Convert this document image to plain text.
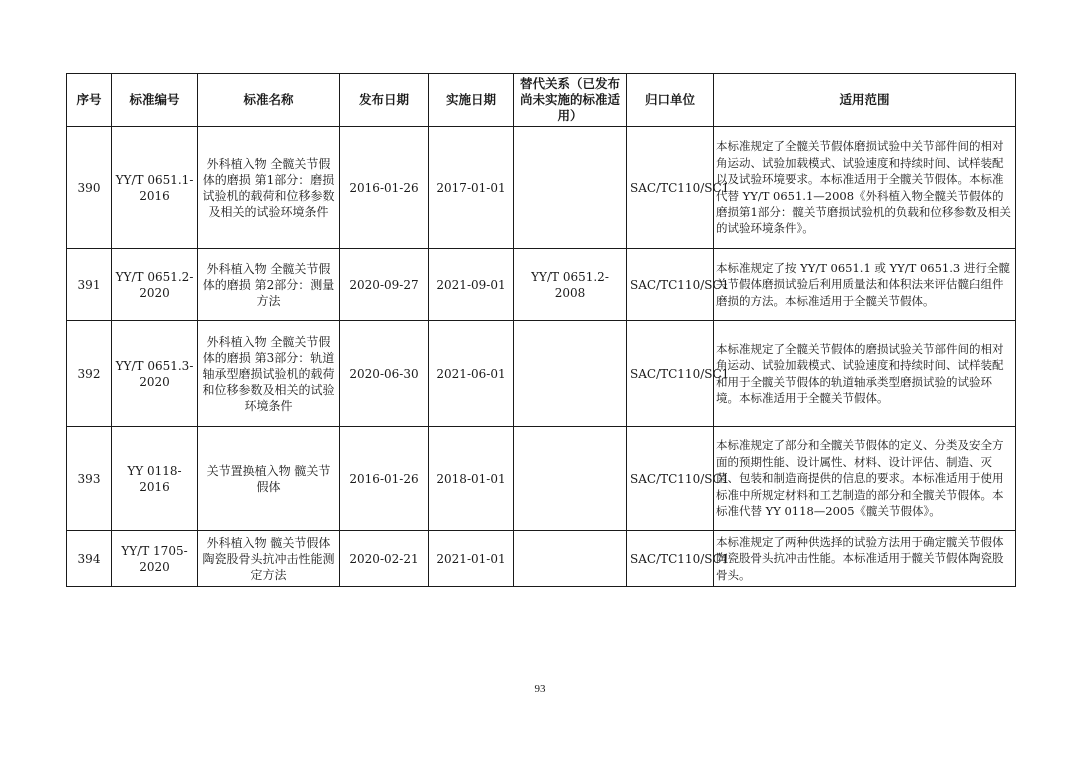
序号	标准编号	标准名称	发布日期	实施日期	替代关系（已发布尚未实施的标准适用）	归口单位	适用范围
390	YY/T 0651.1-2016	外科植入物 全髋关节假体的磨损 第1部分：磨损试验机的载荷和位移参数及相关的试验环境条件	2016-01-26	2017-01-01		SAC/TC110/SC1	本标准规定了全髋关节假体磨损试验中关节部件间的相对角运动、试验加载模式、试验速度和持续时间、试样装配以及试验环境要求。本标准适用于全髋关节假体。本标准代替 YY/T 0651.1—2008《外科植入物全髋关节假体的磨损第1部分：髋关节磨损试验机的负载和位移参数及相关的试验环境条件》。
391	YY/T 0651.2-2020	外科植入物 全髋关节假体的磨损 第2部分：测量方法	2020-09-27	2021-09-01	YY/T 0651.2-2008	SAC/TC110/SC1	本标准规定了按 YY/T 0651.1 或 YY/T 0651.3 进行全髋关节假体磨损试验后利用质量法和体积法来评估髋臼组件磨损的方法。本标准适用于全髋关节假体。
392	YY/T 0651.3-2020	外科植入物 全髋关节假体的磨损 第3部分：轨道轴承型磨损试验机的载荷和位移参数及相关的试验环境条件	2020-06-30	2021-06-01		SAC/TC110/SC1	本标准规定了全髋关节假体的磨损试验关节部件间的相对角运动、试验加载模式、试验速度和持续时间、试样装配和用于全髋关节假体的轨道轴承类型磨损试验的试验环境。本标准适用于全髋关节假体。
393	YY 0118-2016	关节置换植入物 髋关节假体	2016-01-26	2018-01-01		SAC/TC110/SC1	本标准规定了部分和全髋关节假体的定义、分类及安全方面的预期性能、设计属性、材料、设计评估、制造、灭菌、包装和制造商提供的信息的要求。本标准适用于使用标准中所规定材料和工艺制造的部分和全髋关节假体。本标准代替 YY 0118—2005《髋关节假体》。
394	YY/T 1705-2020	外科植入物 髋关节假体陶瓷股骨头抗冲击性能测定方法	2020-02-21	2021-01-01		SAC/TC110/SC1	本标准规定了两种供选择的试验方法用于确定髋关节假体陶瓷股骨头抗冲击性能。本标准适用于髋关节假体陶瓷股骨头。
93
